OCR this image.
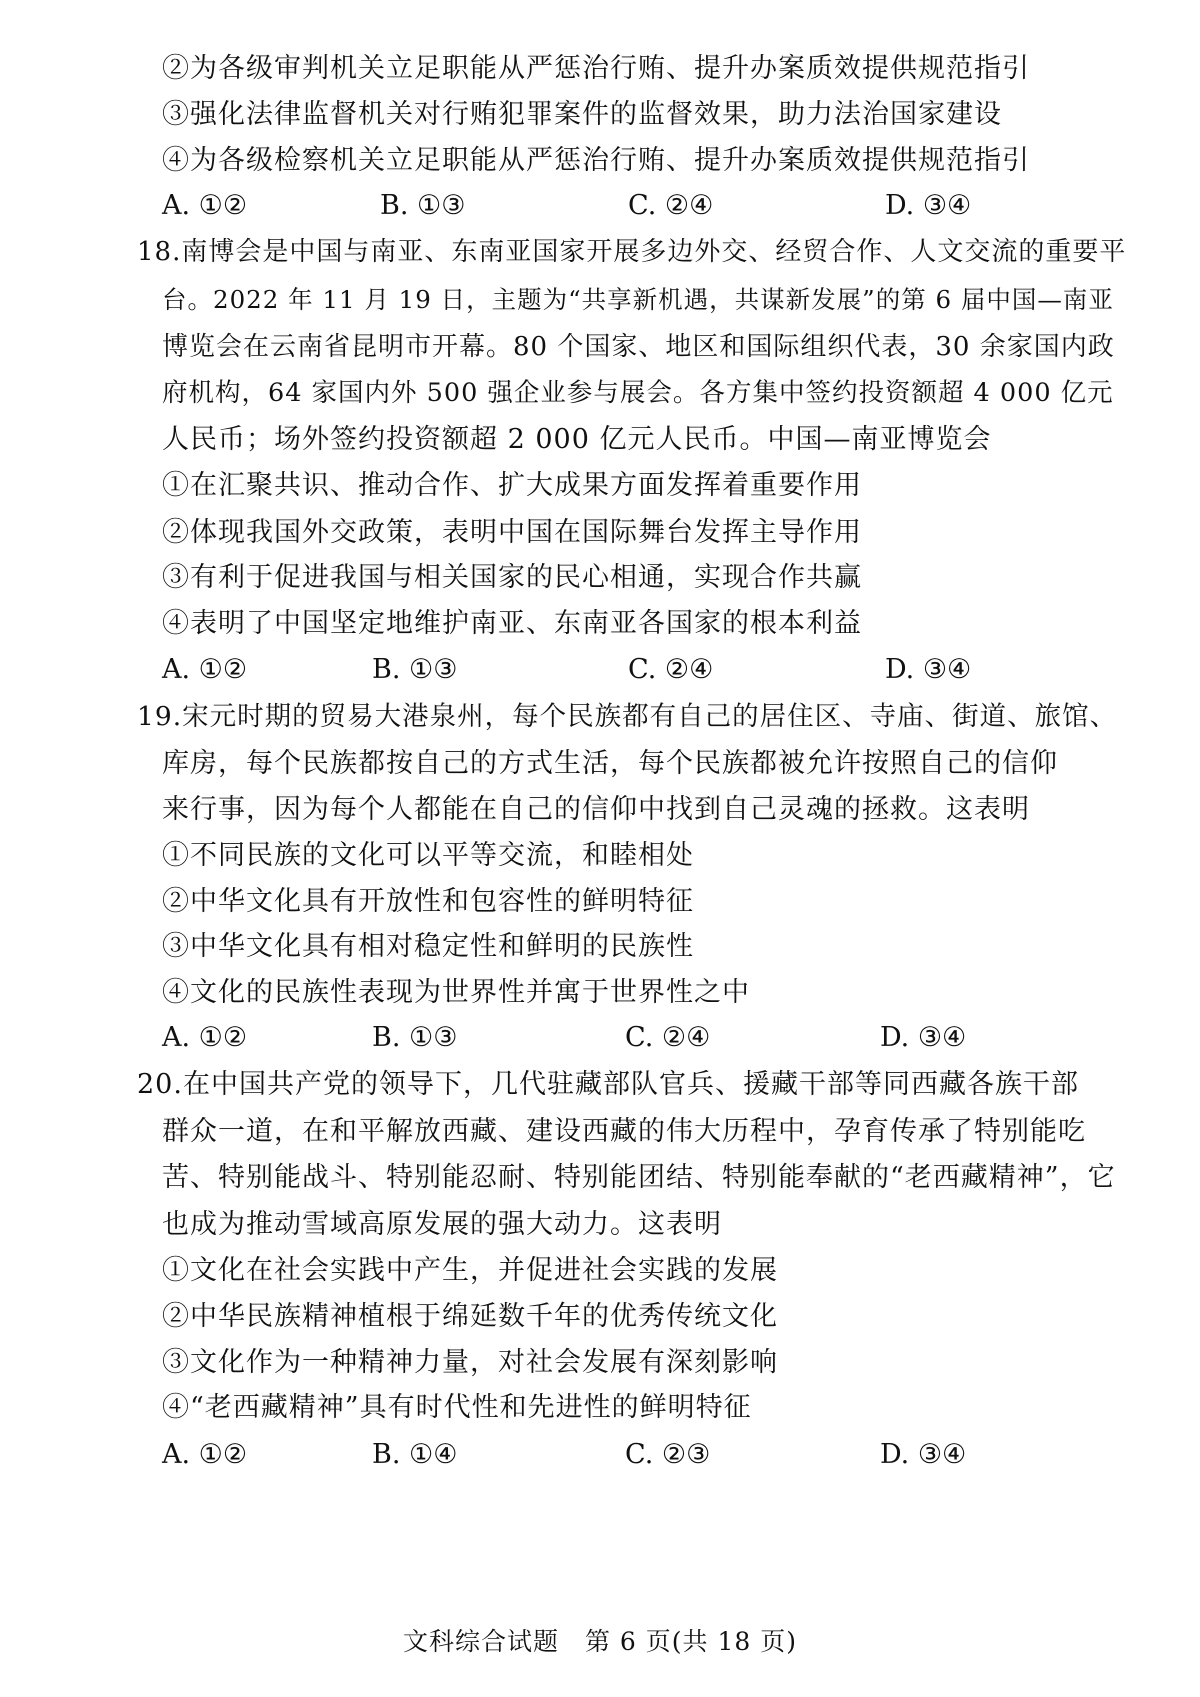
②为各级审判机关立足职能从严惩治行贿、提升办案质效提供规范指引
③强化法律监督机关对行贿犯罪案件的监督效果，助力法治国家建设
④为各级检察机关立足职能从严惩治行贿、提升办案质效提供规范指引
A. ①②	B. ①③	C. ②④	D. ③④
18.南博会是中国与南亚、东南亚国家开展多边外交、经贸合作、人文交流的重要平
台。2022 年 11 月 19 日，主题为“共享新机遇，共谋新发展”的第 6 届中国—南亚
博览会在云南省昆明市开幕。80 个国家、地区和国际组织代表，30 余家国内政
府机构，64 家国内外 500 强企业参与展会。各方集中签约投资额超 4 000 亿元
人民币；场外签约投资额超 2 000 亿元人民币。中国—南亚博览会
①在汇聚共识、推动合作、扩大成果方面发挥着重要作用
②体现我国外交政策，表明中国在国际舞台发挥主导作用
③有利于促进我国与相关国家的民心相通，实现合作共赢
④表明了中国坚定地维护南亚、东南亚各国家的根本利益
A. ①②	B. ①③	C. ②④	D. ③④
19.宋元时期的贸易大港泉州，每个民族都有自己的居住区、寺庙、街道、旅馆、
库房，每个民族都按自己的方式生活，每个民族都被允许按照自己的信仰
来行事，因为每个人都能在自己的信仰中找到自己灵魂的拯救。这表明
①不同民族的文化可以平等交流，和睦相处
②中华文化具有开放性和包容性的鲜明特征
③中华文化具有相对稳定性和鲜明的民族性
④文化的民族性表现为世界性并寓于世界性之中
A. ①②	B. ①③	C. ②④	D. ③④
20.在中国共产党的领导下，几代驻藏部队官兵、援藏干部等同西藏各族干部
群众一道，在和平解放西藏、建设西藏的伟大历程中，孕育传承了特别能吃
苦、特别能战斗、特别能忍耐、特别能团结、特别能奉献的“老西藏精神”，它
也成为推动雪域高原发展的强大动力。这表明
①文化在社会实践中产生，并促进社会实践的发展
②中华民族精神植根于绵延数千年的优秀传统文化
③文化作为一种精神力量，对社会发展有深刻影响
④“老西藏精神”具有时代性和先进性的鲜明特征
A. ①②	B. ①④	C. ②③	D. ③④
文科综合试题　第 6 页(共 18 页)
